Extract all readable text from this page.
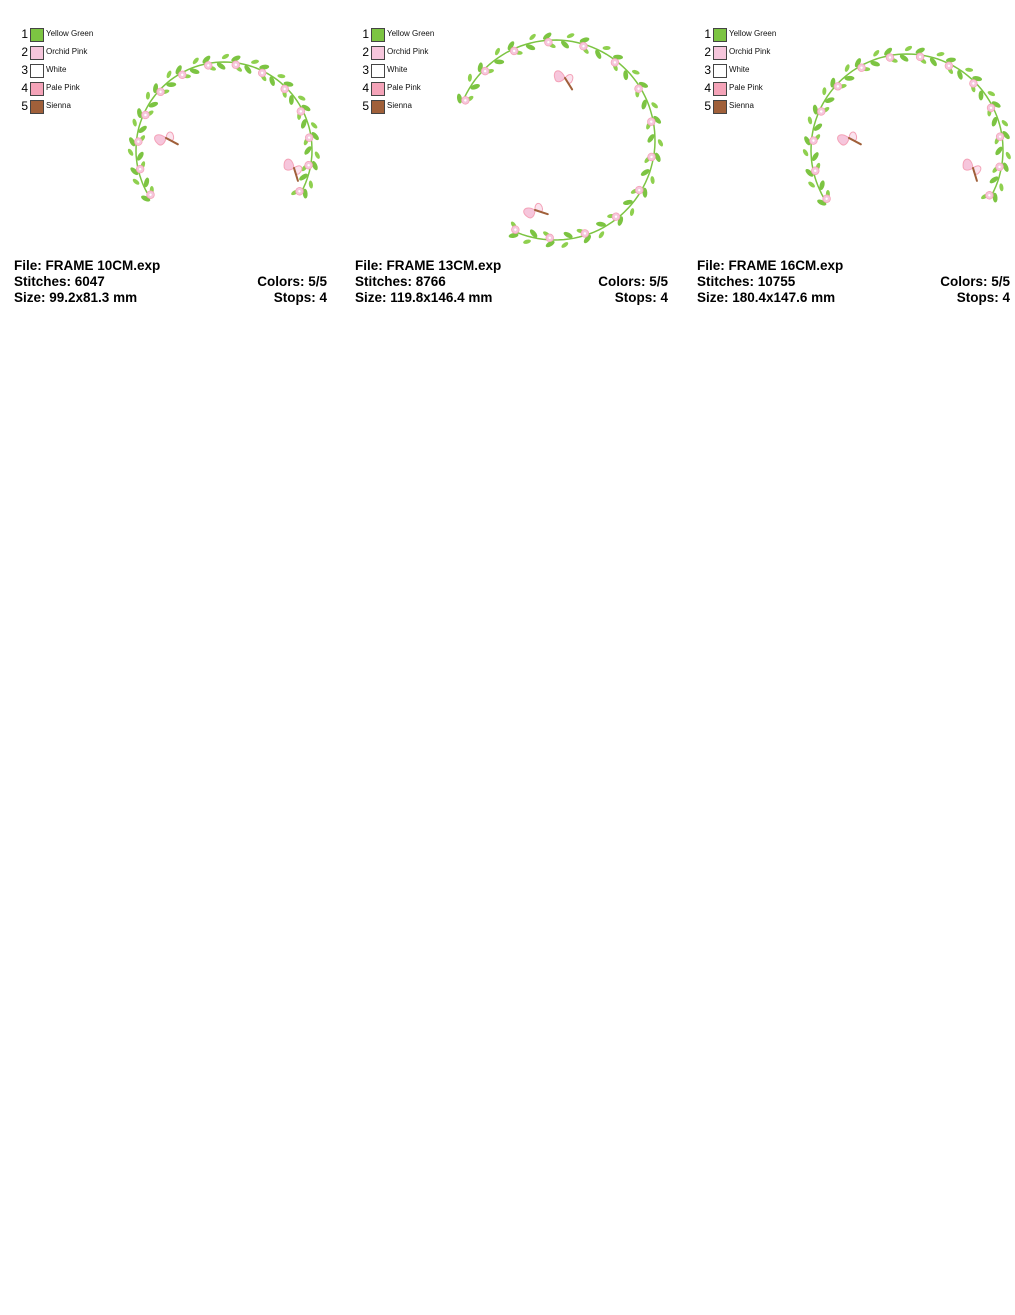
1 Yellow Green
2 Orchid Pink
3 White
4 Pale Pink
5 Sienna
File: FRAME 10CM.exp
Stitches: 6047	Colors: 5/5
Size: 99.2x81.3 mm	Stops: 4
1 Yellow Green
2 Orchid Pink
3 White
4 Pale Pink
5 Sienna
File: FRAME 13CM.exp
Stitches: 8766	Colors: 5/5
Size: 119.8x146.4 mm	Stops: 4
1 Yellow Green
2 Orchid Pink
3 White
4 Pale Pink
5 Sienna
File: FRAME 16CM.exp
Stitches: 10755	Colors: 5/5
Size: 180.4x147.6 mm	Stops: 4
